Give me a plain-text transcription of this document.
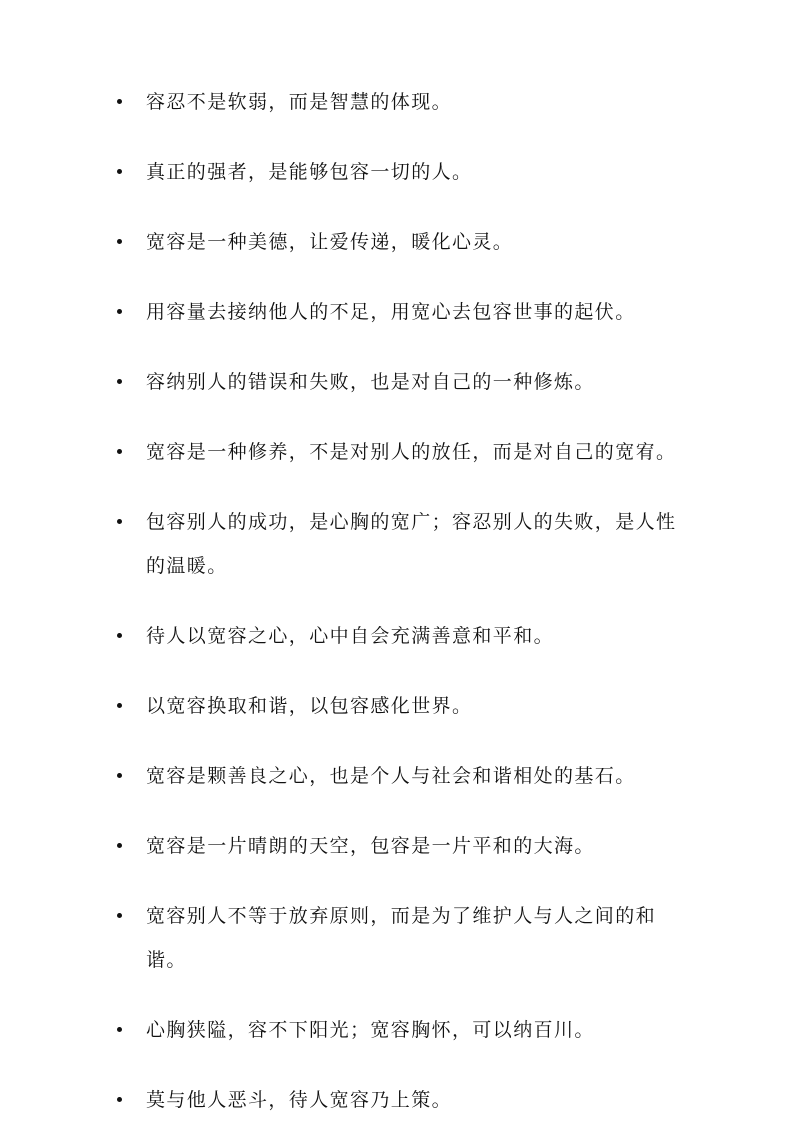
容忍不是软弱，而是智慧的体现。
真正的强者，是能够包容一切的人。
宽容是一种美德，让爱传递，暖化心灵。
用容量去接纳他人的不足，用宽心去包容世事的起伏。
容纳别人的错误和失败，也是对自己的一种修炼。
宽容是一种修养，不是对别人的放任，而是对自己的宽宥。
包容别人的成功，是心胸的宽广；容忍别人的失败，是人性的温暖。
待人以宽容之心，心中自会充满善意和平和。
以宽容换取和谐，以包容感化世界。
宽容是颗善良之心，也是个人与社会和谐相处的基石。
宽容是一片晴朗的天空，包容是一片平和的大海。
宽容别人不等于放弃原则，而是为了维护人与人之间的和谐。
心胸狭隘，容不下阳光；宽容胸怀，可以纳百川。
莫与他人恶斗，待人宽容乃上策。
